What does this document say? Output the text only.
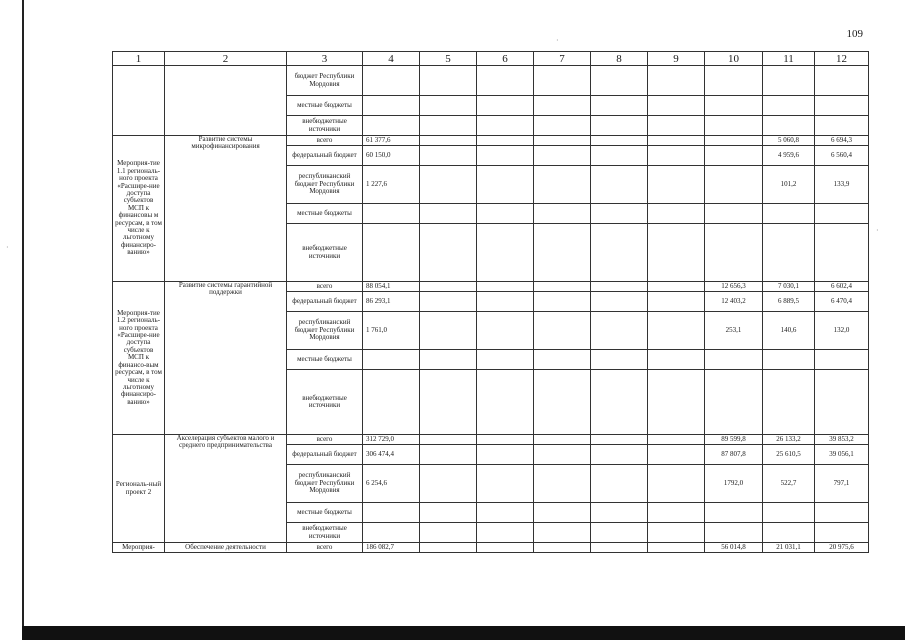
109
·
·
·
1	2	3	4	5	6	7	8	9	10	11	12
		бюджет Республики Мордовия									
		местные бюджеты									
		внебюджетные источники									
Мероприя-тие 1.1 региональ-ного проекта «Расшире-ние доступа субъектов МСП к финансовы м ресурсам, в том числе к льготному финансиро-ванию»	Развитие системы микрофинансирования	всего	61 377,6							5 060,8	6 694,3
		федеральный бюджет	60 150,0							4 959,6	6 560,4
		республиканский бюджет Республики Мордовия	1 227,6							101,2	133,9
		местные бюджеты									
		внебюджетные источники									
Мероприя-тие 1.2 региональ-ного проекта «Расшире-ние доступа субъектов МСП к финансо-вым ресурсам, в том числе к льготному финансиро-ванию»	Развитие системы гарантийной поддержки	всего	88 054,1						12 656,3	7 030,1	6 602,4
		федеральный бюджет	86 293,1						12 403,2	6 889,5	6 470,4
		республиканский бюджет Республики Мордовия	1 761,0						253,1	140,6	132,0
		местные бюджеты									
		внебюджетные источники									
Региональ-ный проект 2	Акселерация субъектов малого и среднего предпринимательства	всего	312 729,0						89 599,8	26 133,2	39 853,2
		федеральный бюджет	306 474,4						87 807,8	25 610,5	39 056,1
		республиканский бюджет Республики Мордовия	6 254,6						1792,0	522,7	797,1
		местные бюджеты									
		внебюджетные источники									
Мероприя-	Обеспечение деятельности	всего	186 082,7						56 014,8	21 031,1	20 975,6
